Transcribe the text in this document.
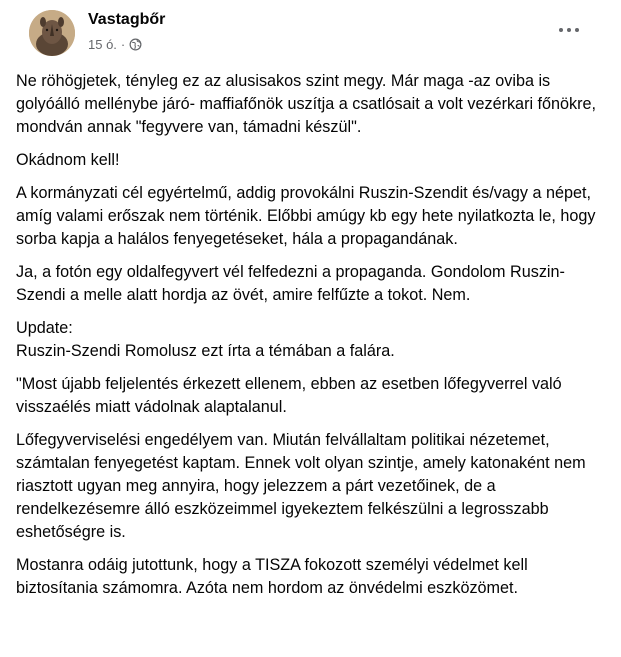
Vastagbőr
15 ó. ·

Ne röhögjetek, tényleg ez az alusisakos szint megy. Már maga -az oviba is golyóálló mellénybe járó- maffiafőnök uszítja a csatlósait a volt vezérkari főnökre, mondván annak "fegyvere van, támadni készül".

Okádnom kell!

A kormányzati cél egyértelmű, addig provokálni Ruszin-Szendit és/vagy a népet, amíg valami erőszak nem történik. Előbbi amúgy kb egy hete nyilatkozta le, hogy sorba kapja a halálos fenyegetéseket, hála a propagandának.

Ja, a fotón egy oldalfegyvert vél felfedezni a propaganda. Gondolom Ruszin-Szendi a melle alatt hordja az övét, amire felfűzte a tokot. Nem.

Update:
Ruszin-Szendi Romolusz ezt írta a témában a falára.

"Most újabb feljelentés érkezett ellenem, ebben az esetben lőfegyverrel való visszaélés miatt vádolnak alaptalanul.

Lőfegyverviselési engedélyem van. Miután felvállaltam politikai nézetemet, számtalan fenyegetést kaptam. Ennek volt olyan szintje, amely katonaként nem riasztott ugyan meg annyira, hogy jelezzem a párt vezetőinek, de a rendelkezésemre álló eszközeimmel igyekeztem felkészülni a legrosszabb eshetőségre is.

Mostanra odáig jutottunk, hogy a TISZA fokozott személyi védelmet kell biztosítania számomra. Azóta nem hordom az önvédelmi eszközömet.
